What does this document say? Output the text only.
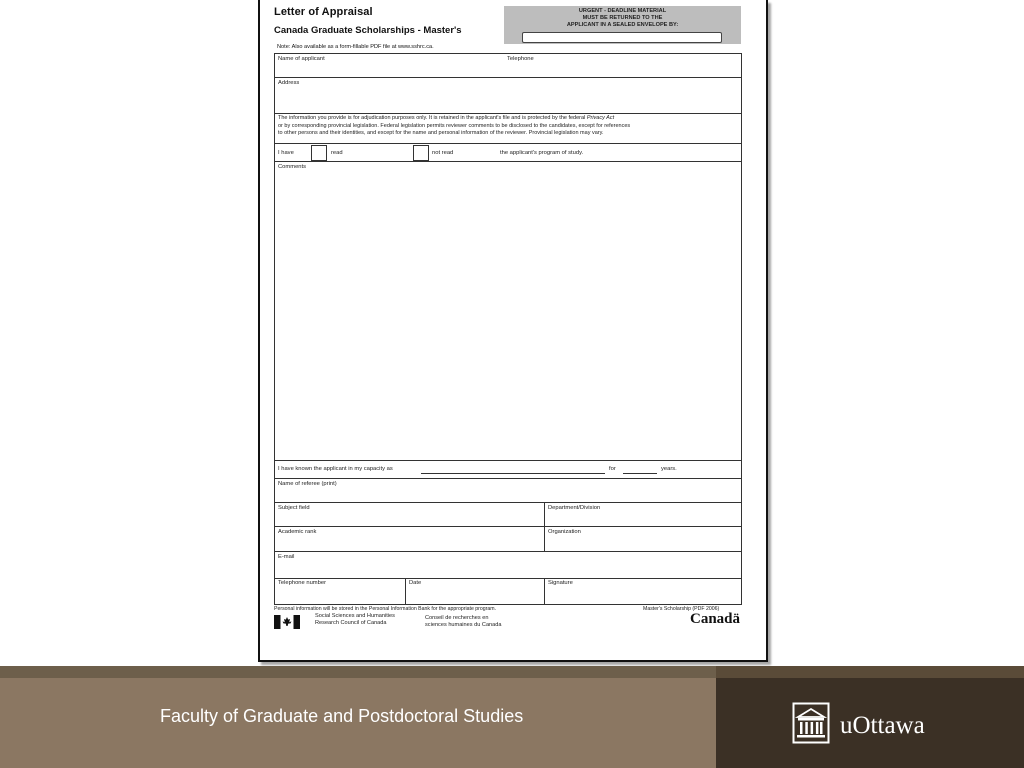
Letter of Appraisal
Canada Graduate Scholarships - Master's
URGENT - DEADLINE MATERIAL
MUST BE RETURNED TO THE
APPLICANT IN A SEALED ENVELOPE BY:
Note: Also available as a form-fillable PDF file at www.sshrc.ca.
Name of applicant	Telephone
Address
The information you provide is for adjudication purposes only. It is retained in the applicant's file and is protected by the federal Privacy Act
or by corresponding provincial legislation. Federal legislation permits reviewer comments to be disclosed to the candidates, except for references
to other persons and their identities, and except for the name and personal information of the reviewer. Provincial legislation may vary.
I have	read	not read	the applicant's program of study.
Comments
I have known the applicant in my capacity as	for	years.
Name of referee (print)
Subject field	Department/Division
Academic rank	Organization
E-mail
Telephone number	Date	Signature
Personal information will be stored in the Personal Information Bank for the appropriate program.	Master's Scholarship (PDF 2006)
Social Sciences and Humanities
Research Council of Canada
Conseil de recherches en
sciences humaines du Canada	Canadä
Faculty of Graduate and Postdoctoral Studies	uOttawa
